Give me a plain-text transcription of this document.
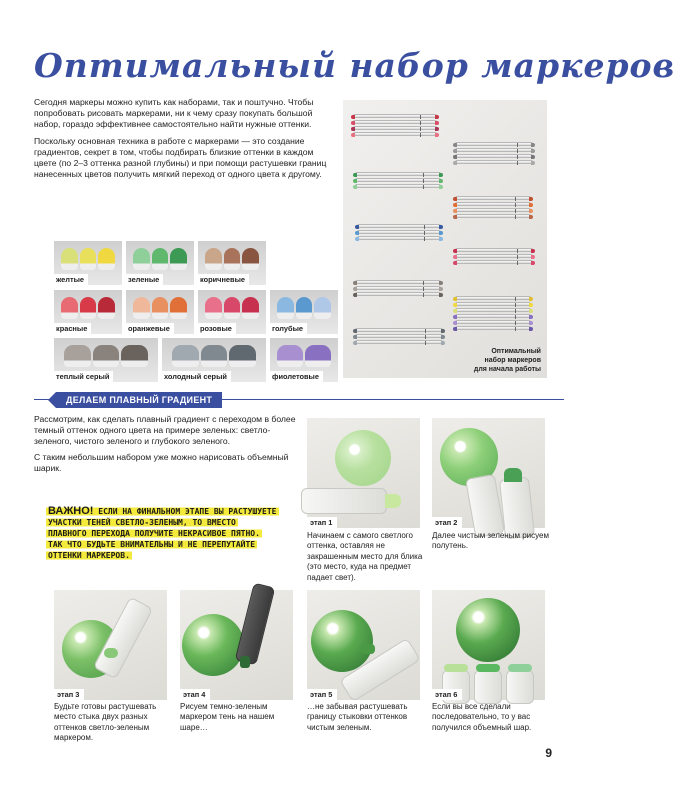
Оптимальный набор маркеров

Сегодня маркеры можно купить как наборами, так и поштучно. Чтобы попробовать рисовать маркерами, ни к чему сразу покупать большой набор, гораздо эффективнее самостоятельно найти нужные оттенки.

Поскольку основная техника в работе с маркерами — это создание градиентов, секрет в том, чтобы подбирать близкие оттенки в каждом цвете (по 2–3 оттенка разной глубины) и при помощи растушевки границ нанесенных цветов получить мягкий переход от одного цвета к другому.

желтые	зеленые	коричневые
красные	оранжевые	розовые	голубые
теплый серый	холодный серый	фиолетовые
Оптимальный
набор маркеров
для начала работы
ДЕЛАЕМ ПЛАВНЫЙ ГРАДИЕНТ

Рассмотрим, как сделать плавный градиент с переходом в более темный оттенок одного цвета на примере зеленых: светло-зеленого, чистого зеленого и глубокого зеленого.

С таким небольшим набором уже можно нарисовать объемный шарик.

ВАЖНО! ЕСЛИ НА ФИНАЛЬНОМ ЭТАПЕ ВЫ РАСТУШУЕТЕ УЧАСТКИ ТЕНЕЙ СВЕТЛО-ЗЕЛЕНЫМ, ТО ВМЕСТО ПЛАВНОГО ПЕРЕХОДА ПОЛУЧИТЕ НЕКРАСИВОЕ ПЯТНО. ТАК ЧТО БУДЬТЕ ВНИМАТЕЛЬНЫ И НЕ ПЕРЕПУТАЙТЕ ОТТЕНКИ МАРКЕРОВ.
этап 1
Начинаем с самого светлого оттенка, оставляя не закрашенным место для блика (это место, куда на предмет падает свет).
этап 2
Далее чистым зеленым рисуем полутень.
этап 3
Будьте готовы растушевать место стыка двух разных оттенков светло-зеленым маркером.
этап 4
Рисуем темно-зеленым маркером тень на нашем шаре…
этап 5
…не забывая растушевать границу стыковки оттенков чистым зеленым.
этап 6
Если вы все сделали последовательно, то у вас получился объемный шар.
9
